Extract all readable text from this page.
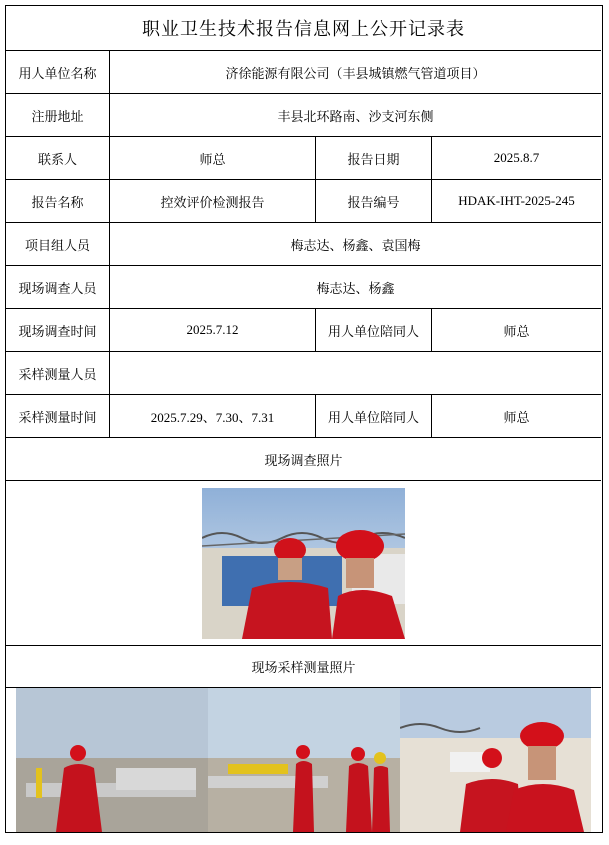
职业卫生技术报告信息网上公开记录表
用人单位名称	济徐能源有限公司（丰县城镇燃气管道项目）
注册地址	丰县北环路南、沙支河东侧
联系人	师总	报告日期	2025.8.7
报告名称	控效评价检测报告	报告编号	HDAK-IHT-2025-245
项目组人员	梅志达、杨鑫、袁国梅
现场调查人员	梅志达、杨鑫
现场调查时间	2025.7.12	用人单位陪同人	师总
采样测量人员
采样测量时间	2025.7.29、7.30、7.31	用人单位陪同人	师总
现场调查照片
现场采样测量照片
